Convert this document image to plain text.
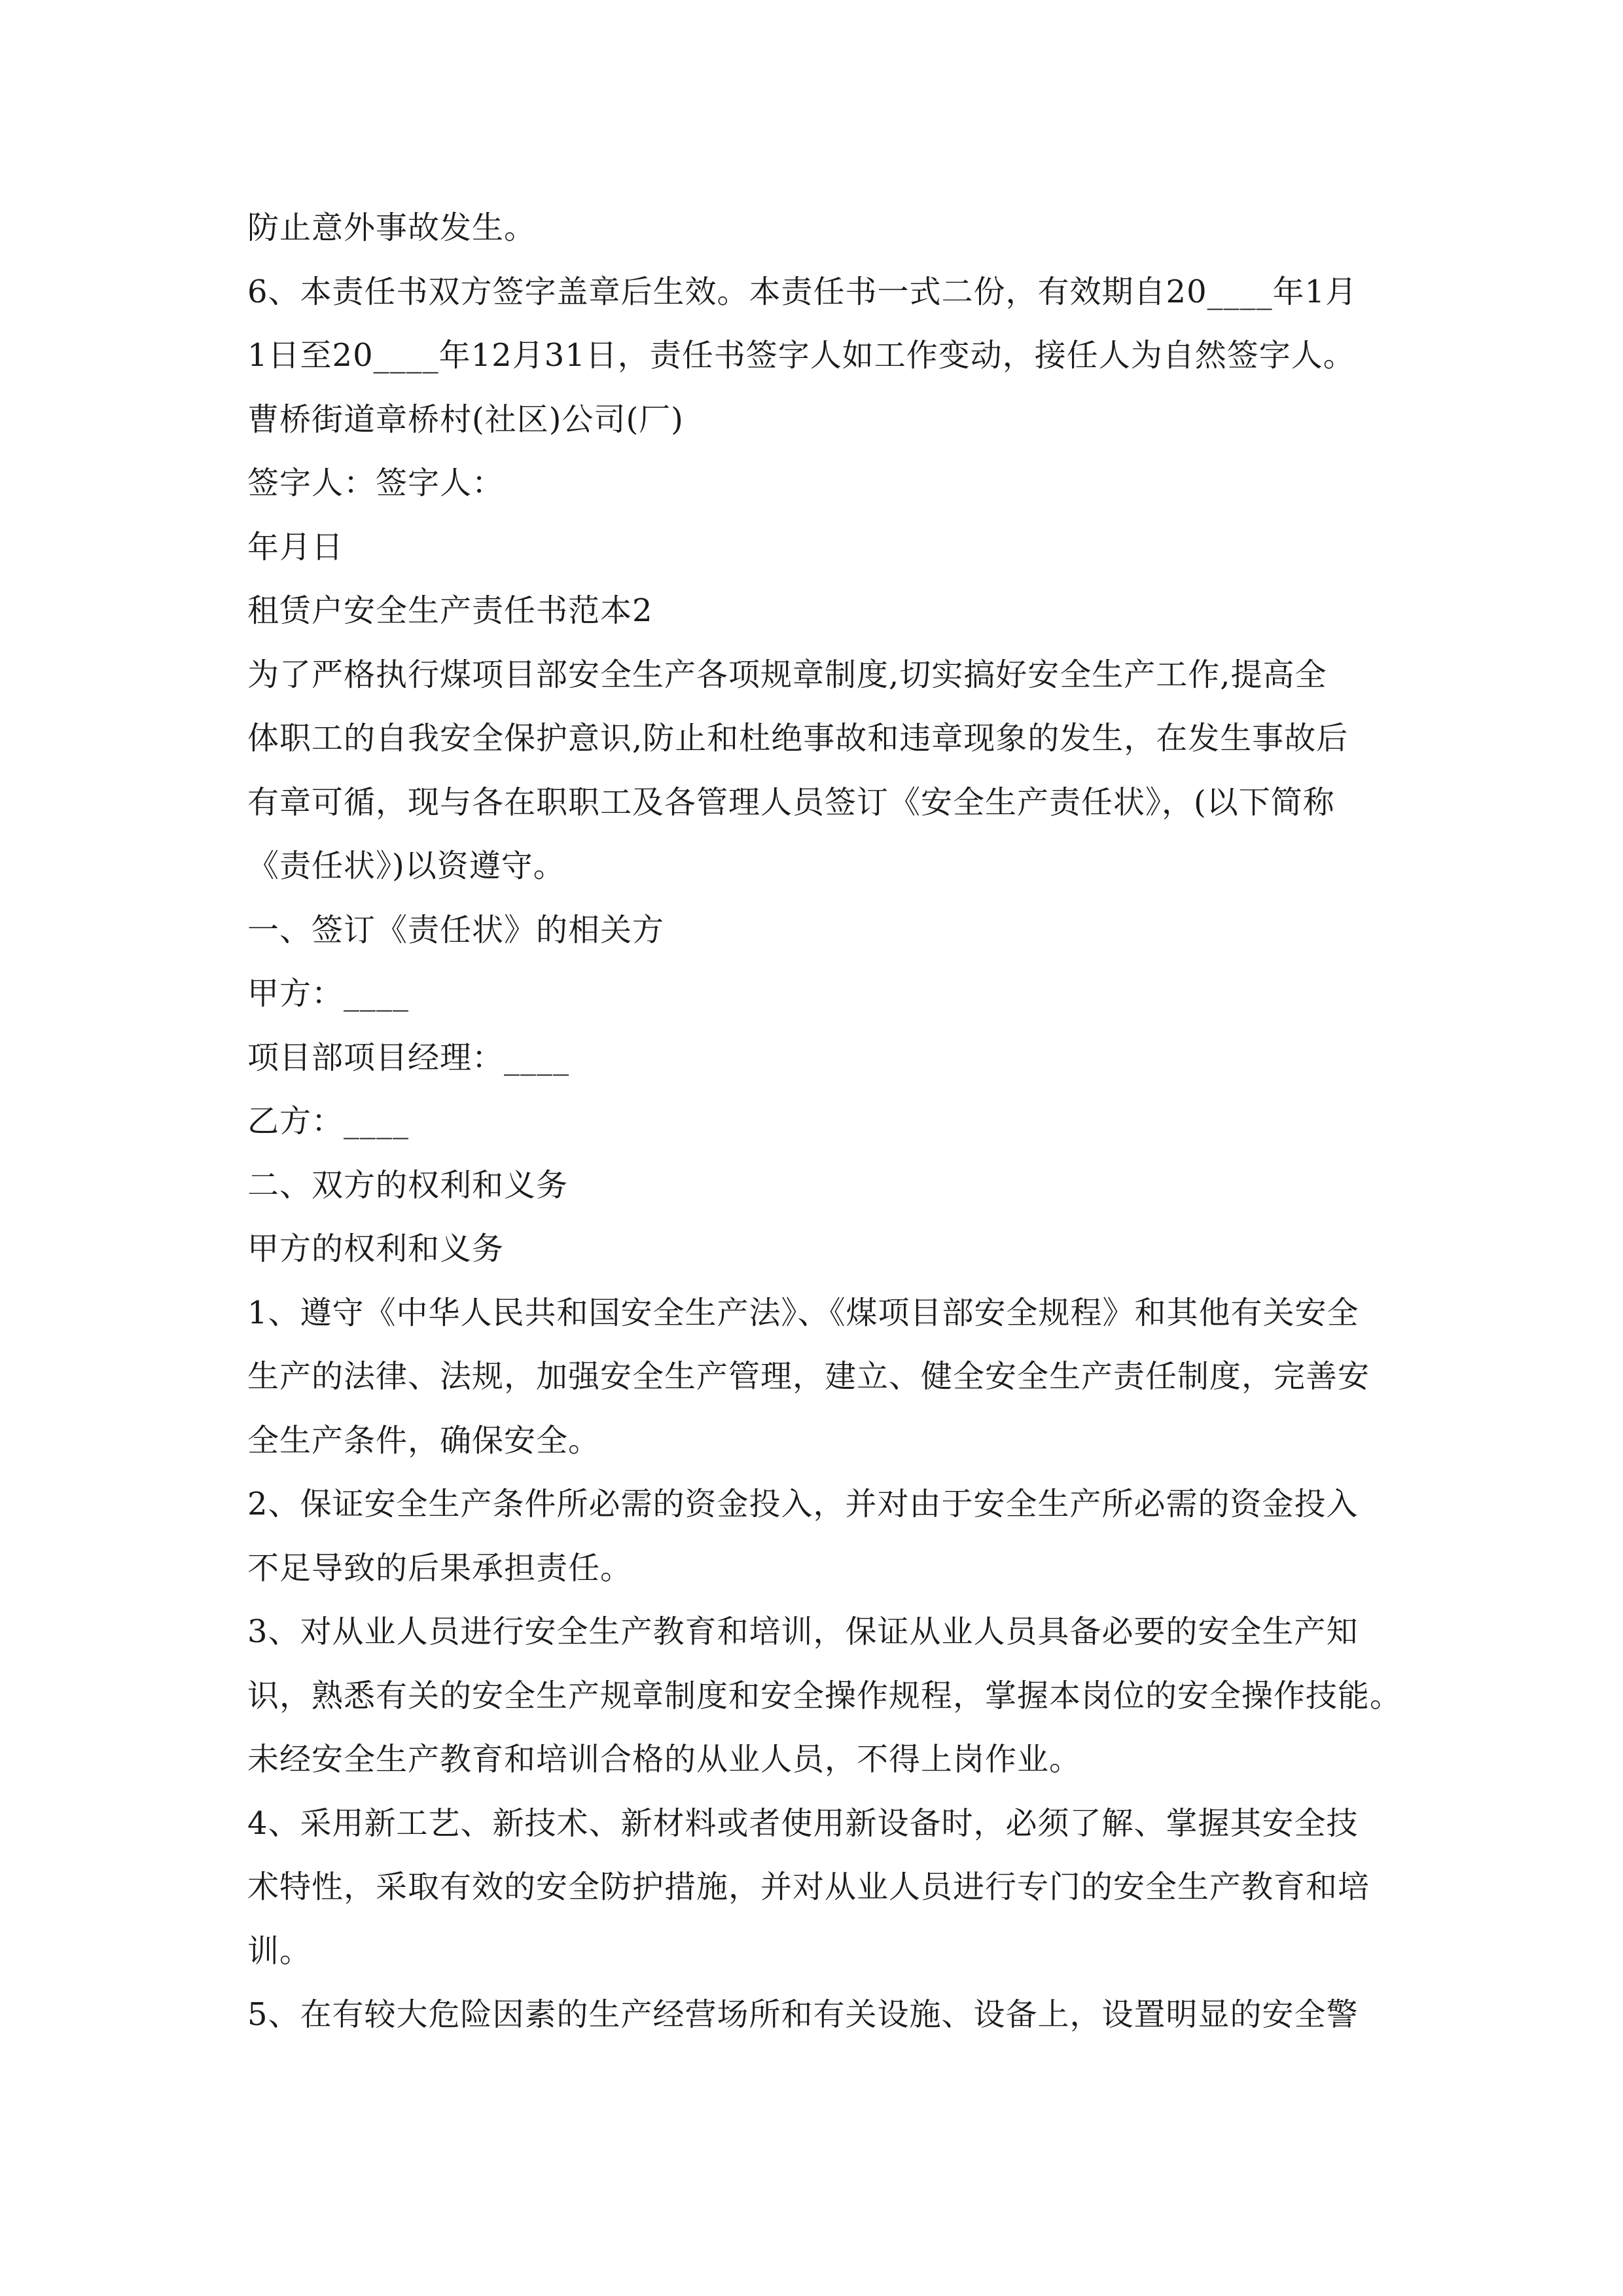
防止意外事故发生。
6、本责任书双方签字盖章后生效。本责任书一式二份，有效期自20____年1月
1日至20____年12月31日，责任书签字人如工作变动，接任人为自然签字人。
曹桥街道章桥村(社区)公司(厂)
签字人：签字人：
年月日
租赁户安全生产责任书范本2
为了严格执行煤项目部安全生产各项规章制度,切实搞好安全生产工作,提高全
体职工的自我安全保护意识,防止和杜绝事故和违章现象的发生，在发生事故后
有章可循，现与各在职职工及各管理人员签订《安全生产责任状》，(以下简称
《责任状》)以资遵守。
一、签订《责任状》的相关方
甲方：____
项目部项目经理：____
乙方：____
二、双方的权利和义务
甲方的权利和义务
1、遵守《中华人民共和国安全生产法》、《煤项目部安全规程》和其他有关安全
生产的法律、法规，加强安全生产管理，建立、健全安全生产责任制度，完善安
全生产条件，确保安全。
2、保证安全生产条件所必需的资金投入，并对由于安全生产所必需的资金投入
不足导致的后果承担责任。
3、对从业人员进行安全生产教育和培训，保证从业人员具备必要的安全生产知
识，熟悉有关的安全生产规章制度和安全操作规程，掌握本岗位的安全操作技能。
未经安全生产教育和培训合格的从业人员，不得上岗作业。
4、采用新工艺、新技术、新材料或者使用新设备时，必须了解、掌握其安全技
术特性，采取有效的安全防护措施，并对从业人员进行专门的安全生产教育和培
训。
5、在有较大危险因素的生产经营场所和有关设施、设备上，设置明显的安全警
